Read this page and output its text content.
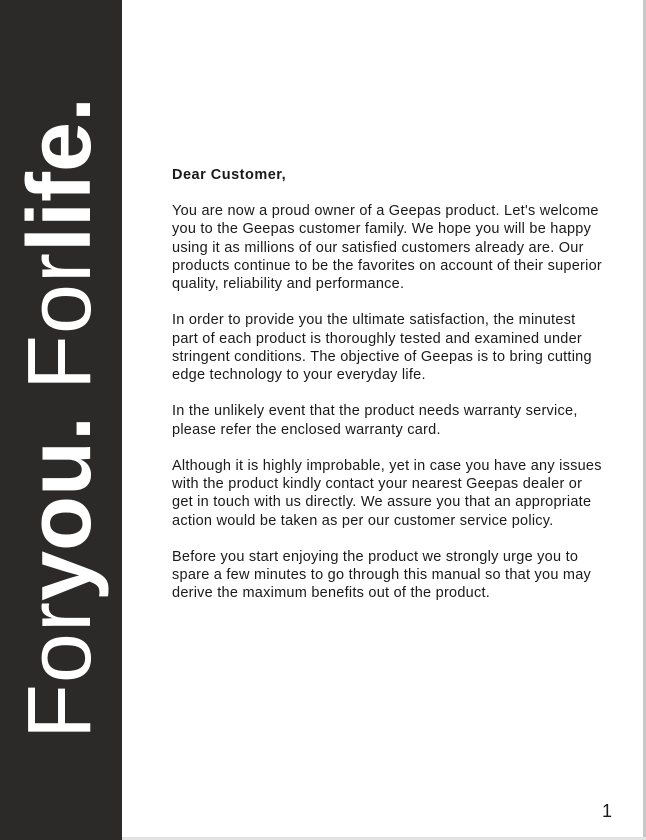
Foryou. Forlife.	Dear Customer,

You are now a proud owner of a Geepas product. Let's welcome you to the Geepas customer family. We hope you will be happy using it as millions of our satisfied customers already are. Our products continue to be the favorites on account of their superior quality, reliability and performance.

In order to provide you the ultimate satisfaction, the minutest part of each product is thoroughly tested and examined under stringent conditions. The objective of Geepas is to bring cutting edge technology to your everyday life.

In the unlikely event that the product needs warranty service, please refer the enclosed warranty card.

Although it is highly improbable, yet in case you have any issues with the product kindly contact your nearest Geepas dealer or get in touch with us directly. We assure you that an appropriate action would be taken as per our customer service policy.

Before you start enjoying the product we strongly urge you to spare a few minutes to go through this manual so that you may derive the maximum benefits out of the product.

1
